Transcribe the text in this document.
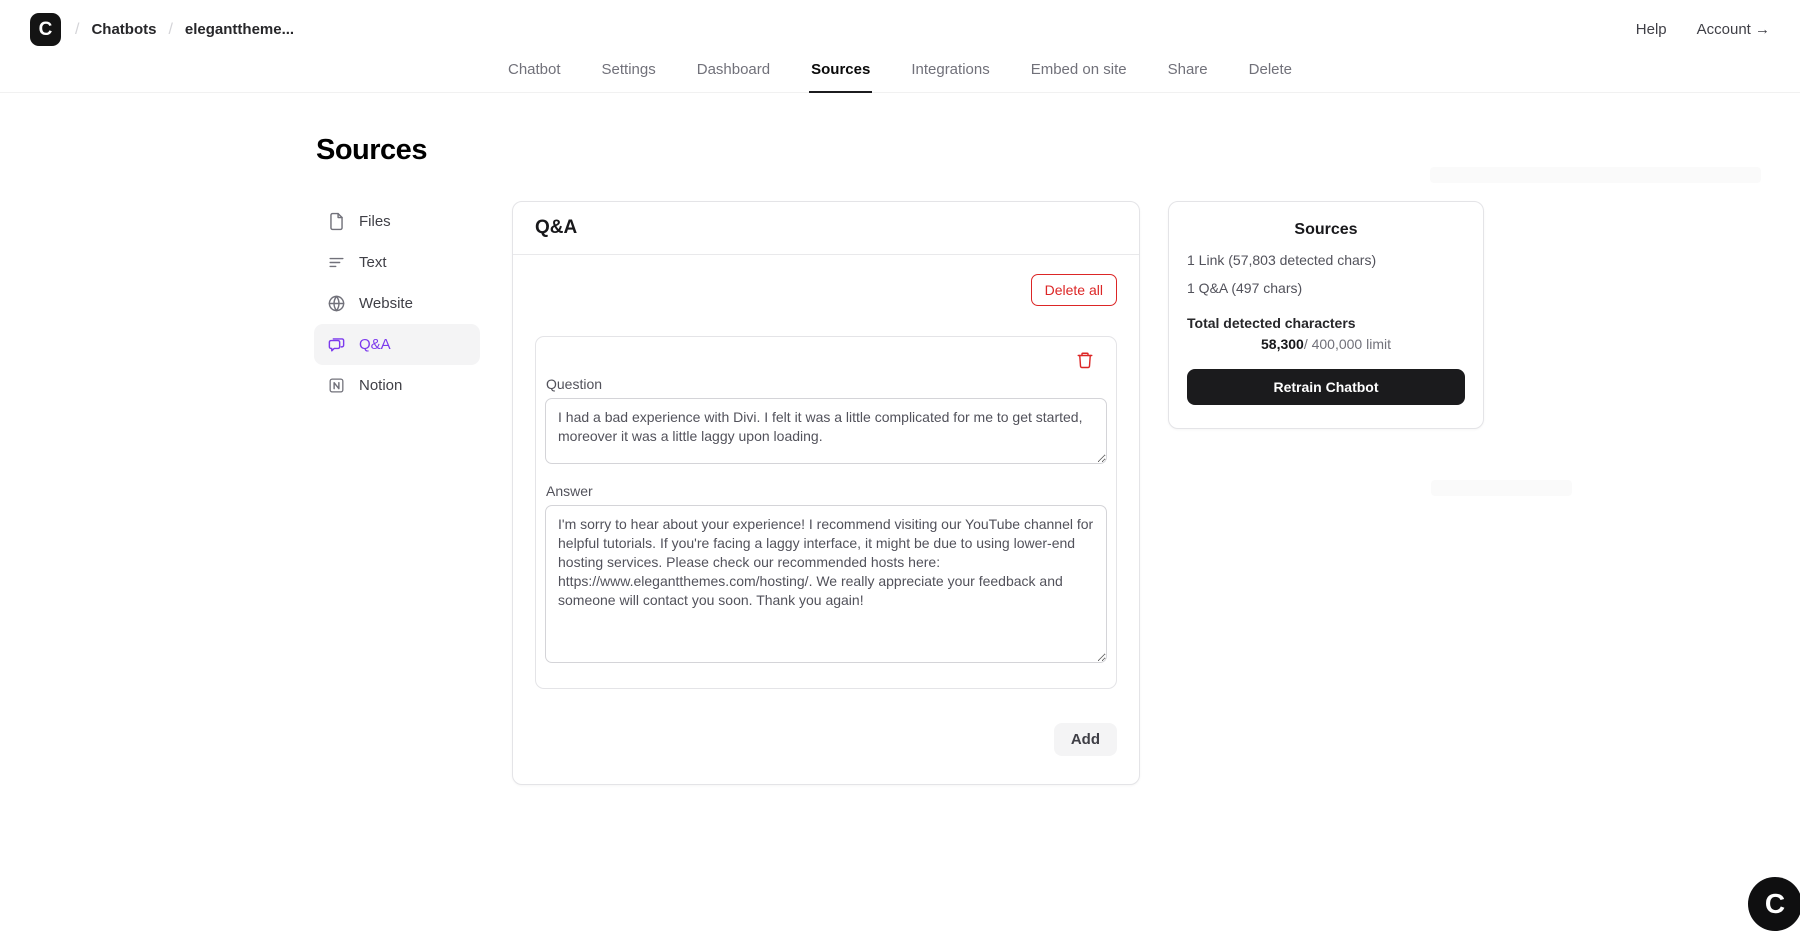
C / Chatbots / eleganttheme...	Help Account →
Chatbot	Settings	Dashboard	Sources	Integrations	Embed on site	Share	Delete
Sources
Files
Text
Website
Q&A
Notion
Q&A
Delete all
Question
I had a bad experience with Divi. I felt it was a little complicated for me to get started, moreover it was a little laggy upon loading.
Answer
I'm sorry to hear about your experience! I recommend visiting our YouTube channel for helpful tutorials. If you're facing a laggy interface, it might be due to using lower-end hosting services. Please check our recommended hosts here: https://www.elegantthemes.com/hosting/. We really appreciate your feedback and someone will contact you soon. Thank you again!
Add
Sources
1 Link (57,803 detected chars)
1 Q&A (497 chars)
Total detected characters
58,300/ 400,000 limit
Retrain Chatbot
C
